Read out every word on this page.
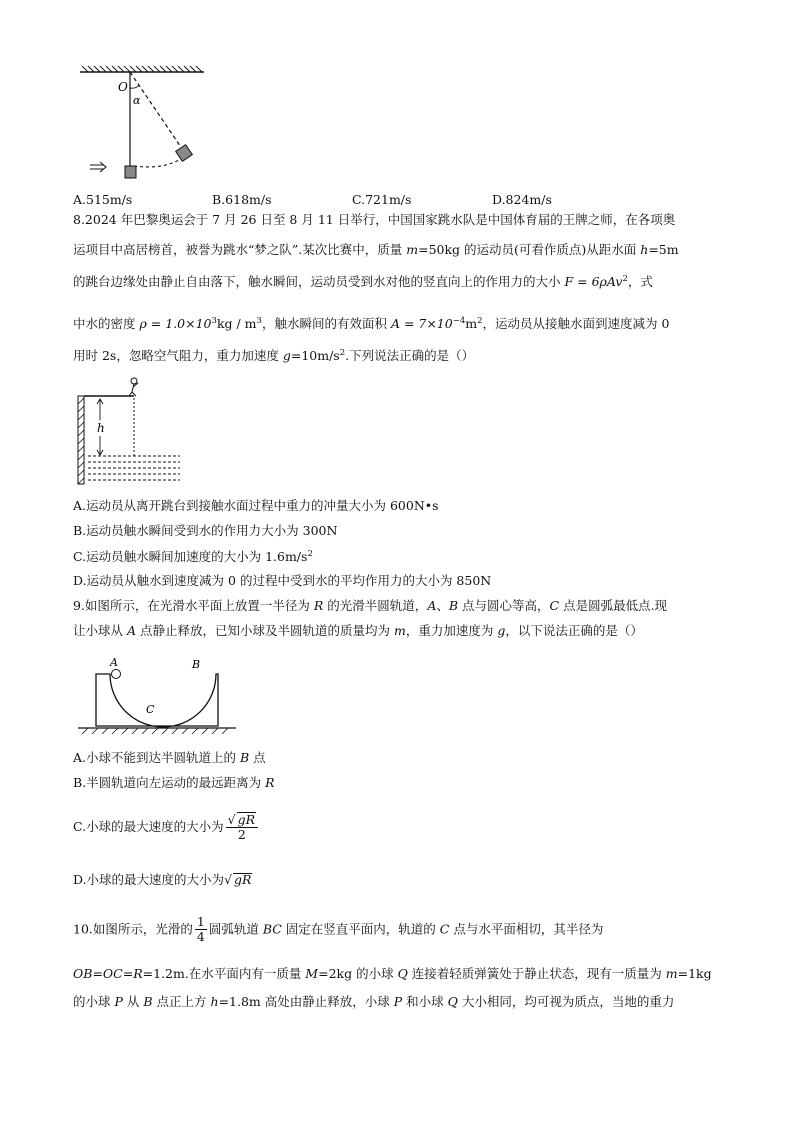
O
α
A.515m/s	B.618m/s	C.721m/s	D.824m/s
8.2024 年巴黎奥运会于 7 月 26 日至 8 月 11 日举行，中国国家跳水队是中国体育届的王牌之师，在各项奥
运项目中高居榜首，被誉为跳水“梦之队”.某次比赛中，质量 m=50kg 的运动员(可看作质点)从距水面 h=5m
的跳台边缘处由静止自由落下，触水瞬间，运动员受到水对他的竖直向上的作用力的大小 F = 6ρAv$^2$，式
中水的密度 $\rho = 1.0\times 10^3kg / m^3$，触水瞬间的有效面积 $A = 7\times 10^{-4}m^2$，运动员从接触水面到速度减为 0
用时 2s，忽略空气阻力，重力加速度 $g=10m/s^2$.下列说法正确的是（）
h
A.运动员从离开跳台到接触水面过程中重力的冲量大小为 600N•s
B.运动员触水瞬间受到水的作用力大小为 300N
C.运动员触水瞬间加速度的大小为 $1.6m/s^2$
D.运动员从触水到速度减为 0 的过程中受到水的平均作用力的大小为 850N
9.如图所示，在光滑水平面上放置一半径为 R 的光滑半圆轨道，A、B 点与圆心等高，C 点是圆弧最低点.现
让小球从 A 点静止释放，已知小球及半圆轨道的质量均为 m，重力加速度为 g，以下说法正确的是（）
A	B
C
A.小球不能到达半圆轨道上的 B 点
B.半圆轨道向左运动的最远距离为 R
C.小球的最大速度的大小为 $\frac{√ gR}{2}$
D.小球的最大速度的大小为√ gR
10.如图所示，光滑的 $\frac{1}{4}$ 圆弧轨道 BC 固定在竖直平面内，轨道的 C 点与水平面相切，其半径为
OB=OC=R=1.2m.在水平面内有一质量 M=2kg 的小球 Q 连接着轻质弹簧处于静止状态，现有一质量为 m=1kg
的小球 P 从 B 点正上方 h=1.8m 高处由静止释放，小球 P 和小球 Q 大小相同，均可视为质点，当地的重力
